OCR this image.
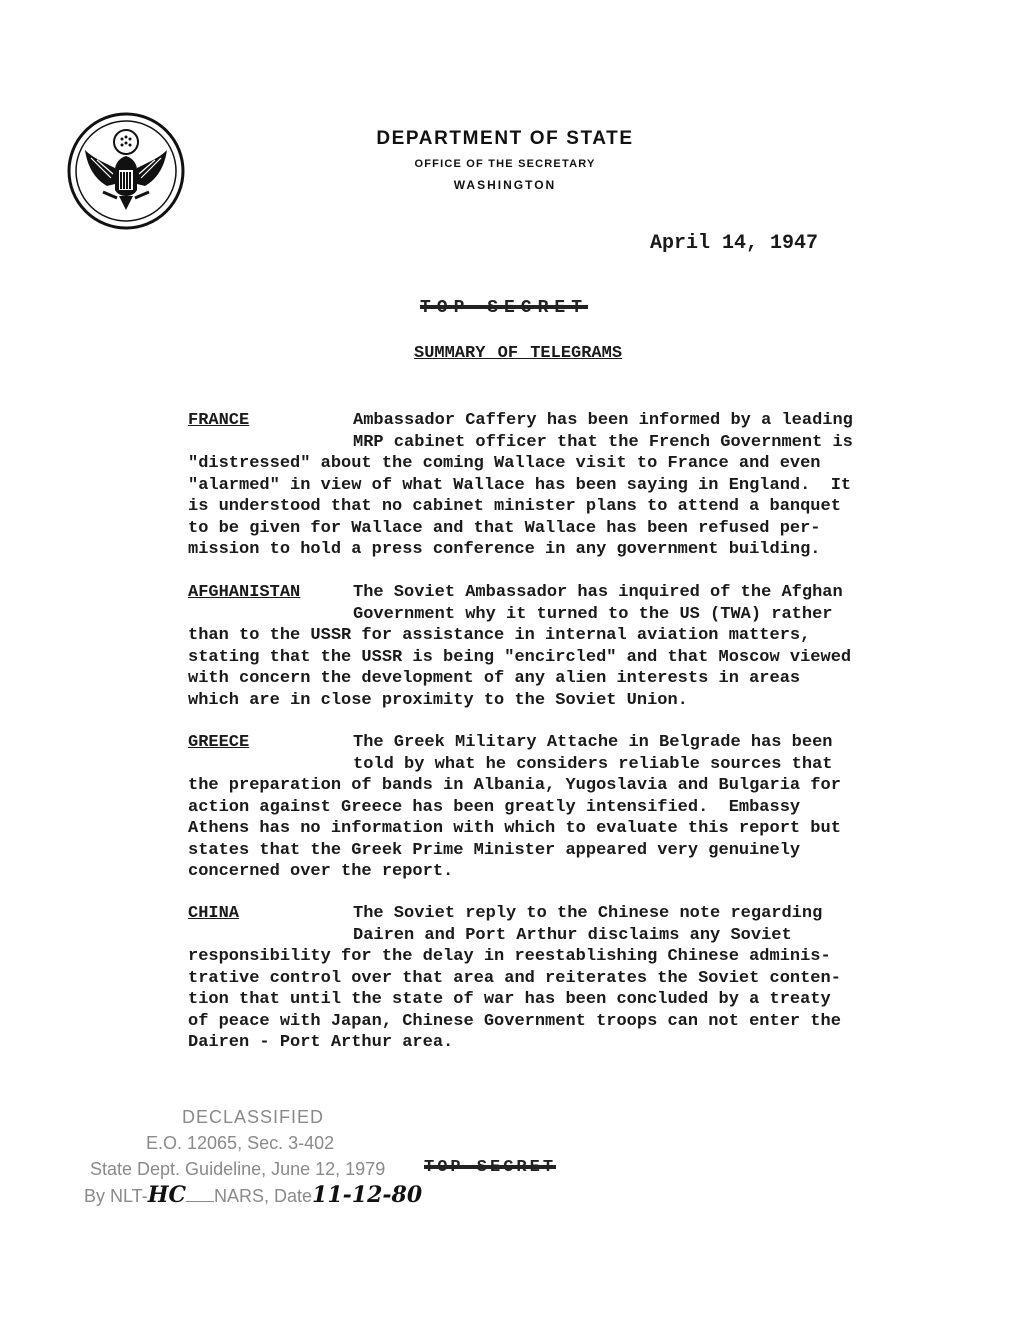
DEPARTMENT OF STATE
OFFICE OF THE SECRETARY
WASHINGTON
April 14, 1947
TOP SECRET
SUMMARY OF TELEGRAMS
FRANCE	Ambassador Caffery has been informed by a leading
MRP cabinet officer that the French Government is
"distressed" about the coming Wallace visit to France and even
"alarmed" in view of what Wallace has been saying in England.  It
is understood that no cabinet minister plans to attend a banquet
to be given for Wallace and that Wallace has been refused per-
mission to hold a press conference in any government building.
AFGHANISTAN	The Soviet Ambassador has inquired of the Afghan
Government why it turned to the US (TWA) rather
than to the USSR for assistance in internal aviation matters,
stating that the USSR is being "encircled" and that Moscow viewed
with concern the development of any alien interests in areas
which are in close proximity to the Soviet Union.
GREECE	The Greek Military Attache in Belgrade has been
told by what he considers reliable sources that
the preparation of bands in Albania, Yugoslavia and Bulgaria for
action against Greece has been greatly intensified.  Embassy
Athens has no information with which to evaluate this report but
states that the Greek Prime Minister appeared very genuinely
concerned over the report.
CHINA	The Soviet reply to the Chinese note regarding
Dairen and Port Arthur disclaims any Soviet
responsibility for the delay in reestablishing Chinese adminis-
trative control over that area and reiterates the Soviet conten-
tion that until the state of war has been concluded by a treaty
of peace with Japan, Chinese Government troops can not enter the
Dairen - Port Arthur area.
DECLASSIFIED
E.O. 12065, Sec. 3-402
State Dept. Guideline, June 12, 1979
By NLT-HC NARS, Date11-12-80
TOP SECRET
